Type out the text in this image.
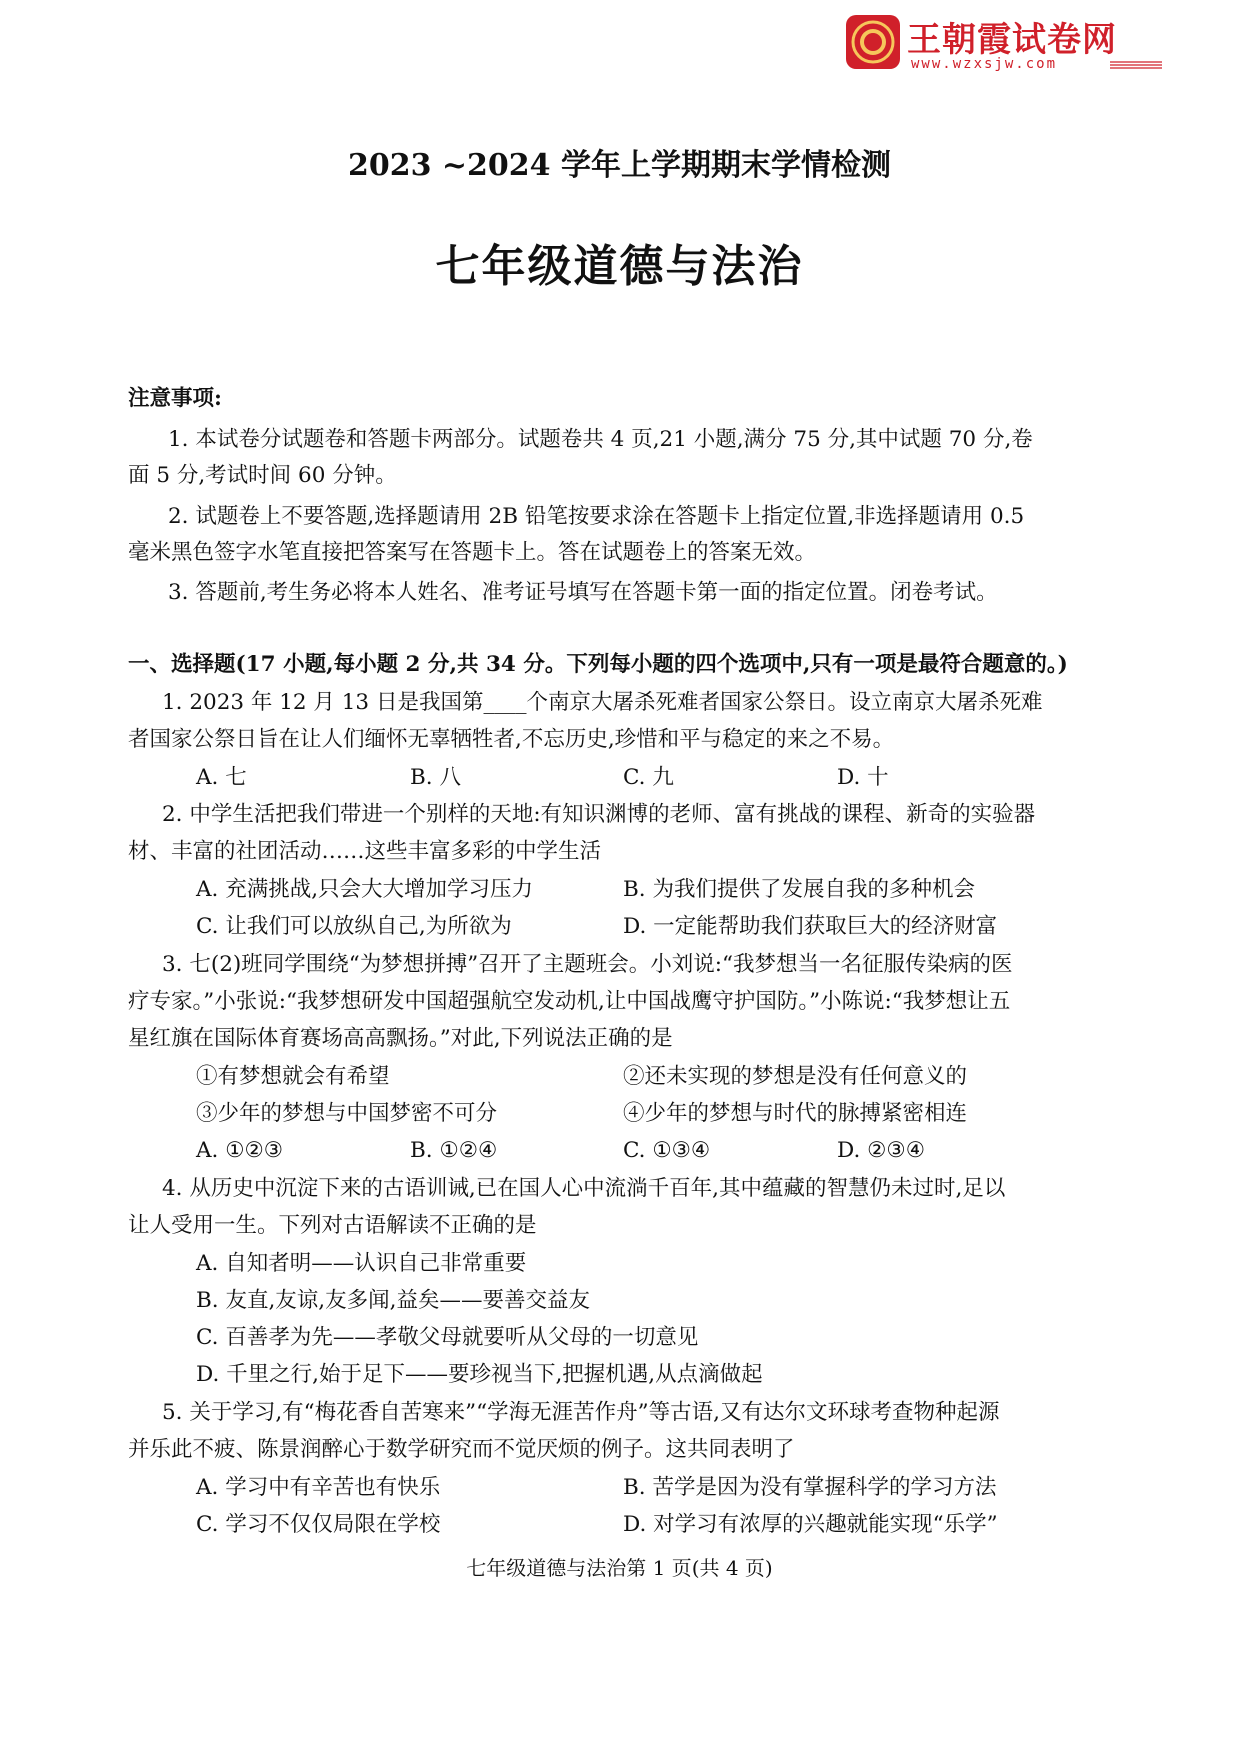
王朝霞试卷网
www.wzxsjw.com
2023 ~2024 学年上学期期末学情检测
七年级道德与法治
注意事项:
1. 本试卷分试题卷和答题卡两部分。试题卷共 4 页,21 小题,满分 75 分,其中试题 70 分,卷
面 5 分,考试时间 60 分钟。
2. 试题卷上不要答题,选择题请用 2B 铅笔按要求涂在答题卡上指定位置,非选择题请用 0.5
毫米黑色签字水笔直接把答案写在答题卡上。答在试题卷上的答案无效。
3. 答题前,考生务必将本人姓名、准考证号填写在答题卡第一面的指定位置。闭卷考试。
一、选择题(17 小题,每小题 2 分,共 34 分。下列每小题的四个选项中,只有一项是最符合题意的。)
1. 2023 年 12 月 13 日是我国第____个南京大屠杀死难者国家公祭日。设立南京大屠杀死难
者国家公祭日旨在让人们缅怀无辜牺牲者,不忘历史,珍惜和平与稳定的来之不易。
A. 七	B. 八	C. 九	D. 十
2. 中学生活把我们带进一个别样的天地:有知识渊博的老师、富有挑战的课程、新奇的实验器
材、丰富的社团活动……这些丰富多彩的中学生活
A. 充满挑战,只会大大增加学习压力	B. 为我们提供了发展自我的多种机会
C. 让我们可以放纵自己,为所欲为	D. 一定能帮助我们获取巨大的经济财富
3. 七(2)班同学围绕“为梦想拼搏”召开了主题班会。小刘说:“我梦想当一名征服传染病的医
疗专家。”小张说:“我梦想研发中国超强航空发动机,让中国战鹰守护国防。”小陈说:“我梦想让五
星红旗在国际体育赛场高高飘扬。”对此,下列说法正确的是
①有梦想就会有希望	②还未实现的梦想是没有任何意义的
③少年的梦想与中国梦密不可分	④少年的梦想与时代的脉搏紧密相连
A. ①②③	B. ①②④	C. ①③④	D. ②③④
4. 从历史中沉淀下来的古语训诫,已在国人心中流淌千百年,其中蕴藏的智慧仍未过时,足以
让人受用一生。下列对古语解读不正确的是
A. 自知者明——认识自己非常重要
B. 友直,友谅,友多闻,益矣——要善交益友
C. 百善孝为先——孝敬父母就要听从父母的一切意见
D. 千里之行,始于足下——要珍视当下,把握机遇,从点滴做起
5. 关于学习,有“梅花香自苦寒来”“学海无涯苦作舟”等古语,又有达尔文环球考查物种起源
并乐此不疲、陈景润醉心于数学研究而不觉厌烦的例子。这共同表明了
A. 学习中有辛苦也有快乐	B. 苦学是因为没有掌握科学的学习方法
C. 学习不仅仅局限在学校	D. 对学习有浓厚的兴趣就能实现“乐学”
七年级道德与法治第 1 页(共 4 页)
